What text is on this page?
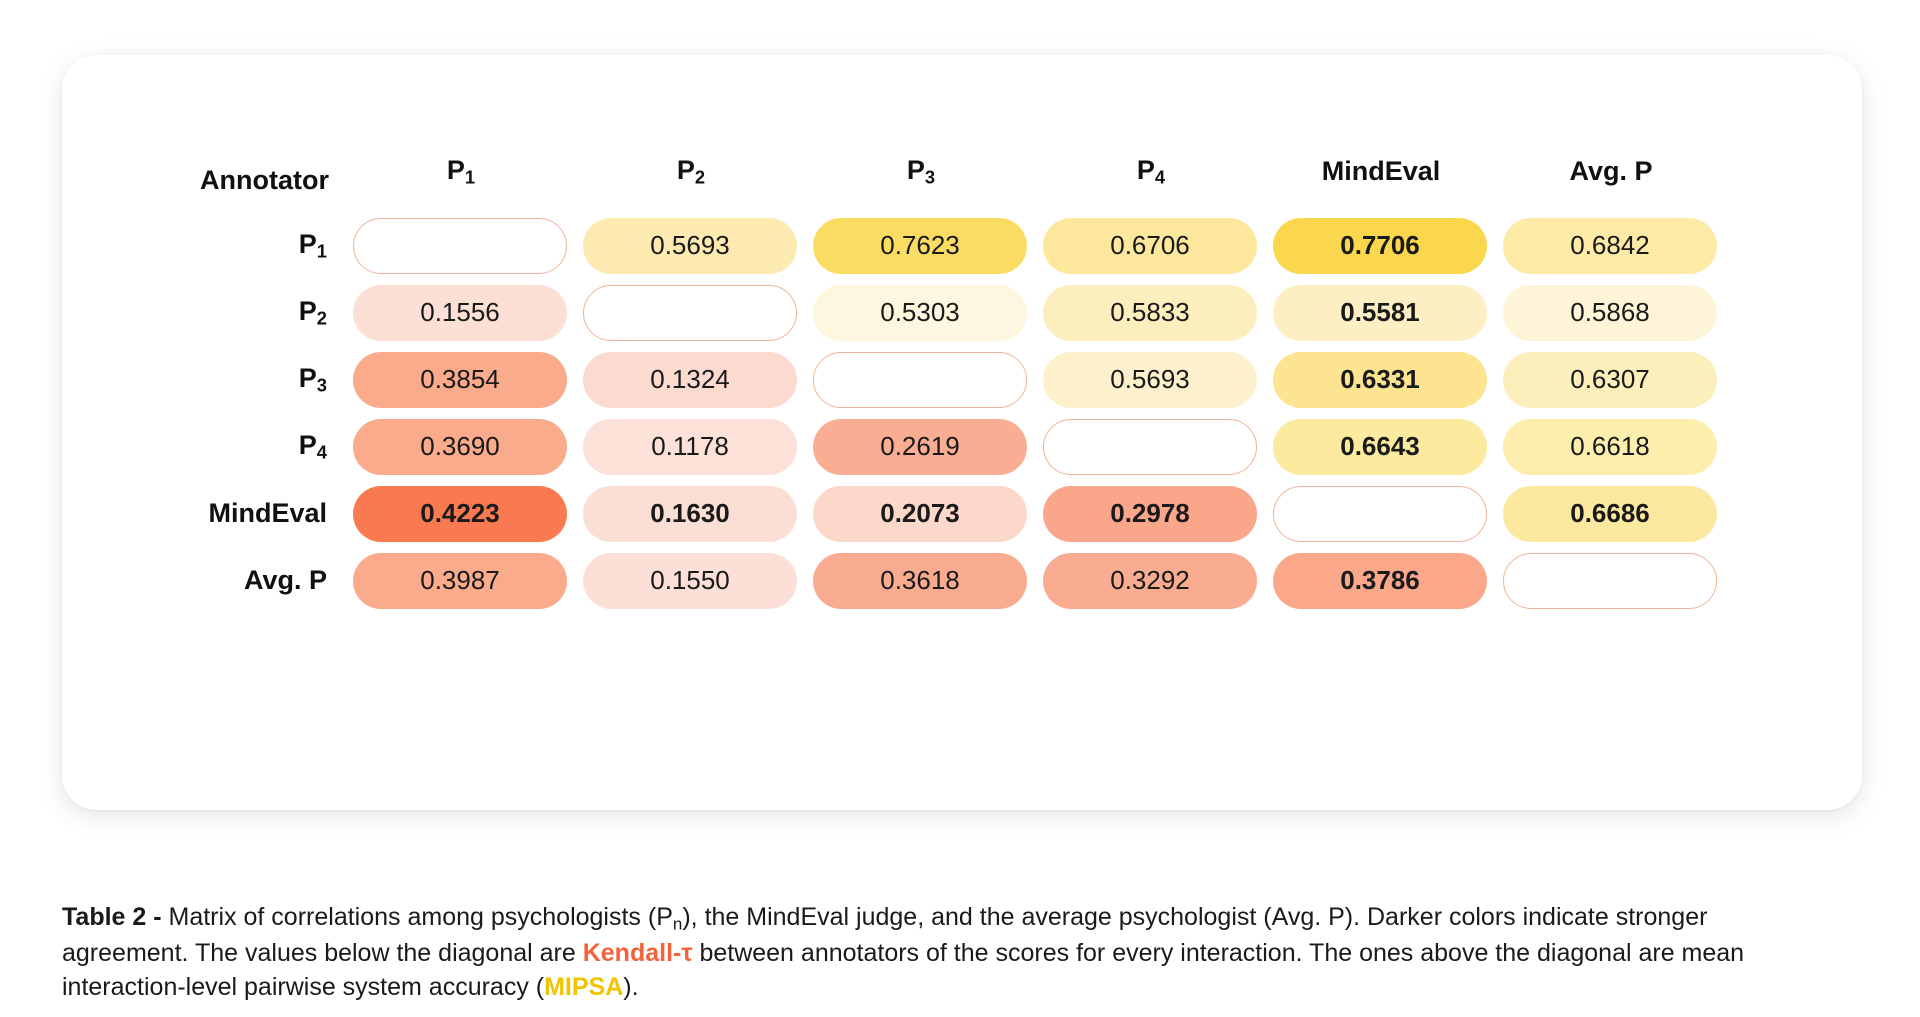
Annotator	$P_1$	$P_2$	$P_3$	$P_4$	MindEval	Avg. P
$P_1$		0.5693	0.7623	0.6706	0.7706	0.6842

$P_2$	0.1556		0.5303	0.5833	0.5581	0.5868

$P_3$	0.3854	0.1324		0.5693	0.6331	0.6307

$P_4$	0.3690	0.1178	0.2619		0.6643	0.6618

MindEval	0.4223	0.1630	0.2073	0.2978		0.6686

Avg. P	0.3987	0.1550	0.3618	0.3292	0.3786	

Table 2 - Matrix of correlations among psychologists $(P_n)$, the MindEval judge, and the average psychologist (Avg. P). Darker colors indicate stronger agreement. The values below the diagonal are Kendall-τ between annotators of the scores for every interaction. The ones above the diagonal are mean interaction-level pairwise system accuracy (MIPSA).
